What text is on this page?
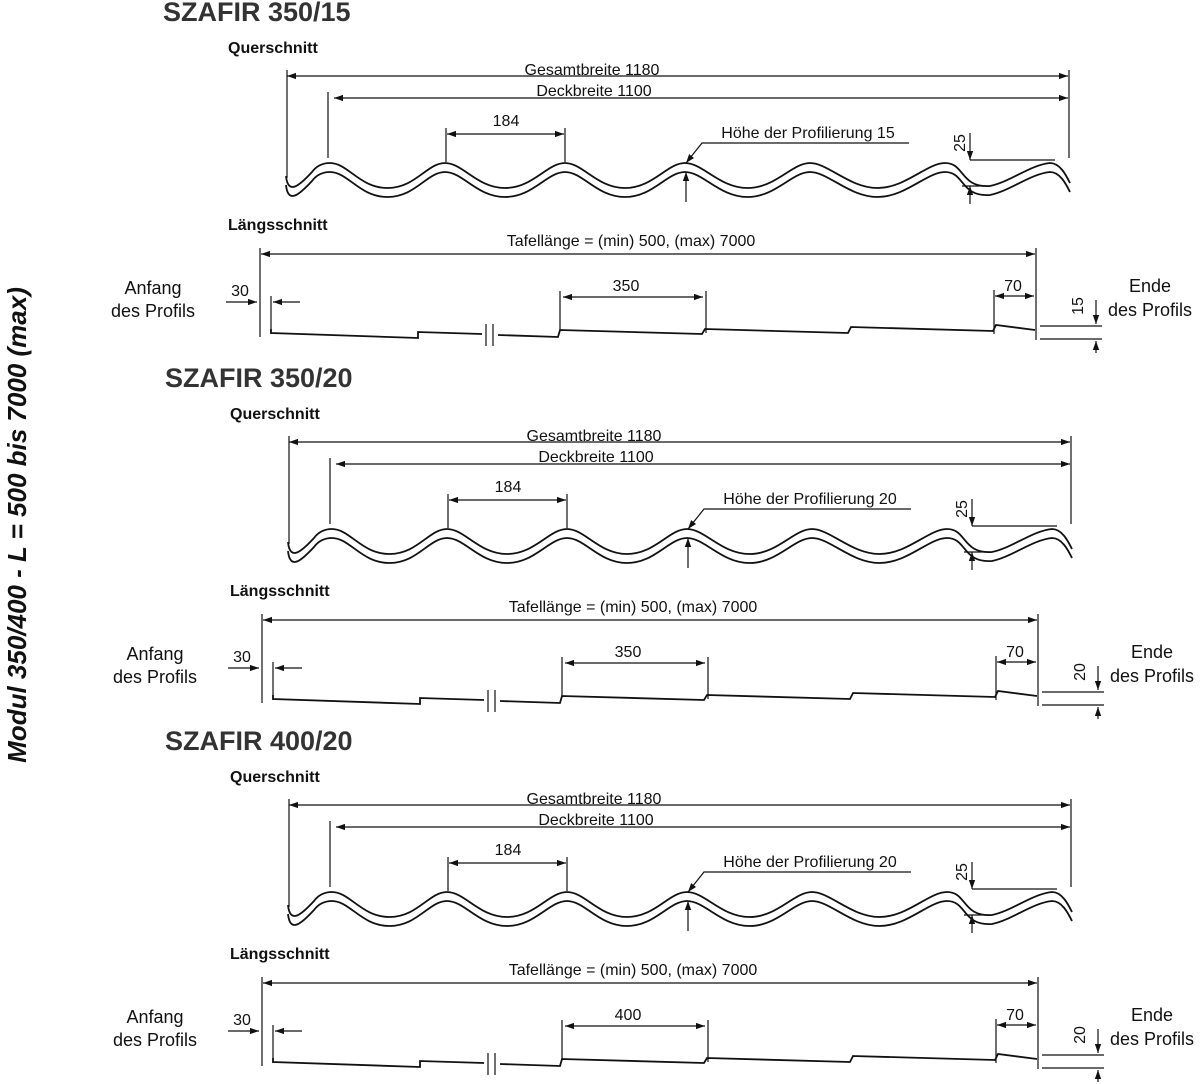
Modul 350/400 - L = 500 bis 7000 (max)
SZAFIR 350/15
Querschnitt
Gesamtbreite 1180
Deckbreite 1100
184
Höhe der Profilierung 15
25
Längsschnitt
Tafellänge = (min) 500, (max) 7000
30	350	70
15
Anfang
des Profils
Ende
des Profils
SZAFIR 350/20
Querschnitt
Gesamtbreite 1180
Deckbreite 1100
184
Höhe der Profilierung 20
25
Längsschnitt
Tafellänge = (min) 500, (max) 7000
30	350	70
20
Anfang
des Profils
Ende
des Profils
SZAFIR 400/20
Querschnitt
Gesamtbreite 1180
Deckbreite 1100
184
Höhe der Profilierung 20
25
Längsschnitt
Tafellänge = (min) 500, (max) 7000
30	400	70
20
Anfang
des Profils
Ende
des Profils
